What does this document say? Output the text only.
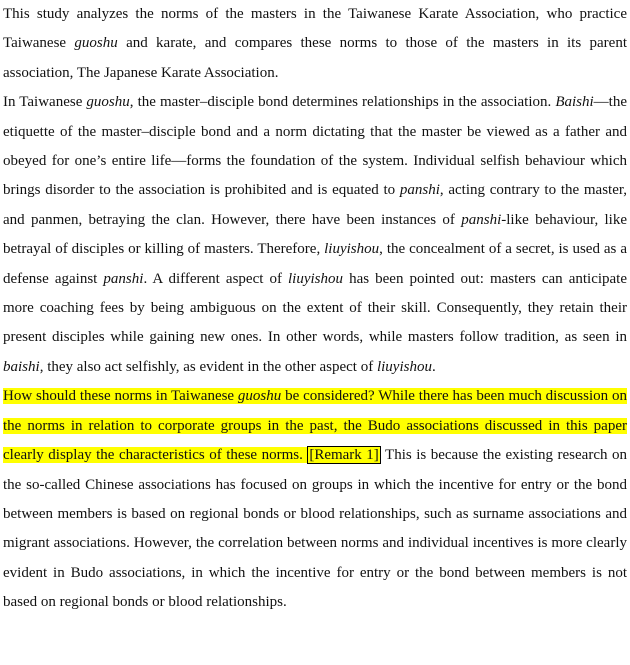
This study analyzes the norms of the masters in the Taiwanese Karate Association, who practice Taiwanese guoshu and karate, and compares these norms to those of the masters in its parent association, The Japanese Karate Association.

In Taiwanese guoshu, the master–disciple bond determines relationships in the association. Baishi—the etiquette of the master–disciple bond and a norm dictating that the master be viewed as a father and obeyed for one’s entire life—forms the foundation of the system. Individual selfish behaviour which brings disorder to the association is prohibited and is equated to panshi, acting contrary to the master, and panmen, betraying the clan. However, there have been instances of panshi-like behaviour, like betrayal of disciples or killing of masters. Therefore, liuyishou, the concealment of a secret, is used as a defense against panshi. A different aspect of liuyishou has been pointed out: masters can anticipate more coaching fees by being ambiguous on the extent of their skill. Consequently, they retain their present disciples while gaining new ones. In other words, while masters follow tradition, as seen in baishi, they also act selfishly, as evident in the other aspect of liuyishou.

How should these norms in Taiwanese guoshu be considered? While there has been much discussion on the norms in relation to corporate groups in the past, the Budo associations discussed in this paper clearly display the characteristics of these norms. [Remark 1] This is because the existing research on the so-called Chinese associations has focused on groups in which the incentive for entry or the bond between members is based on regional bonds or blood relationships, such as surname associations and migrant associations. However, the correlation between norms and individual incentives is more clearly evident in Budo associations, in which the incentive for entry or the bond between members is not based on regional bonds or blood relationships.
